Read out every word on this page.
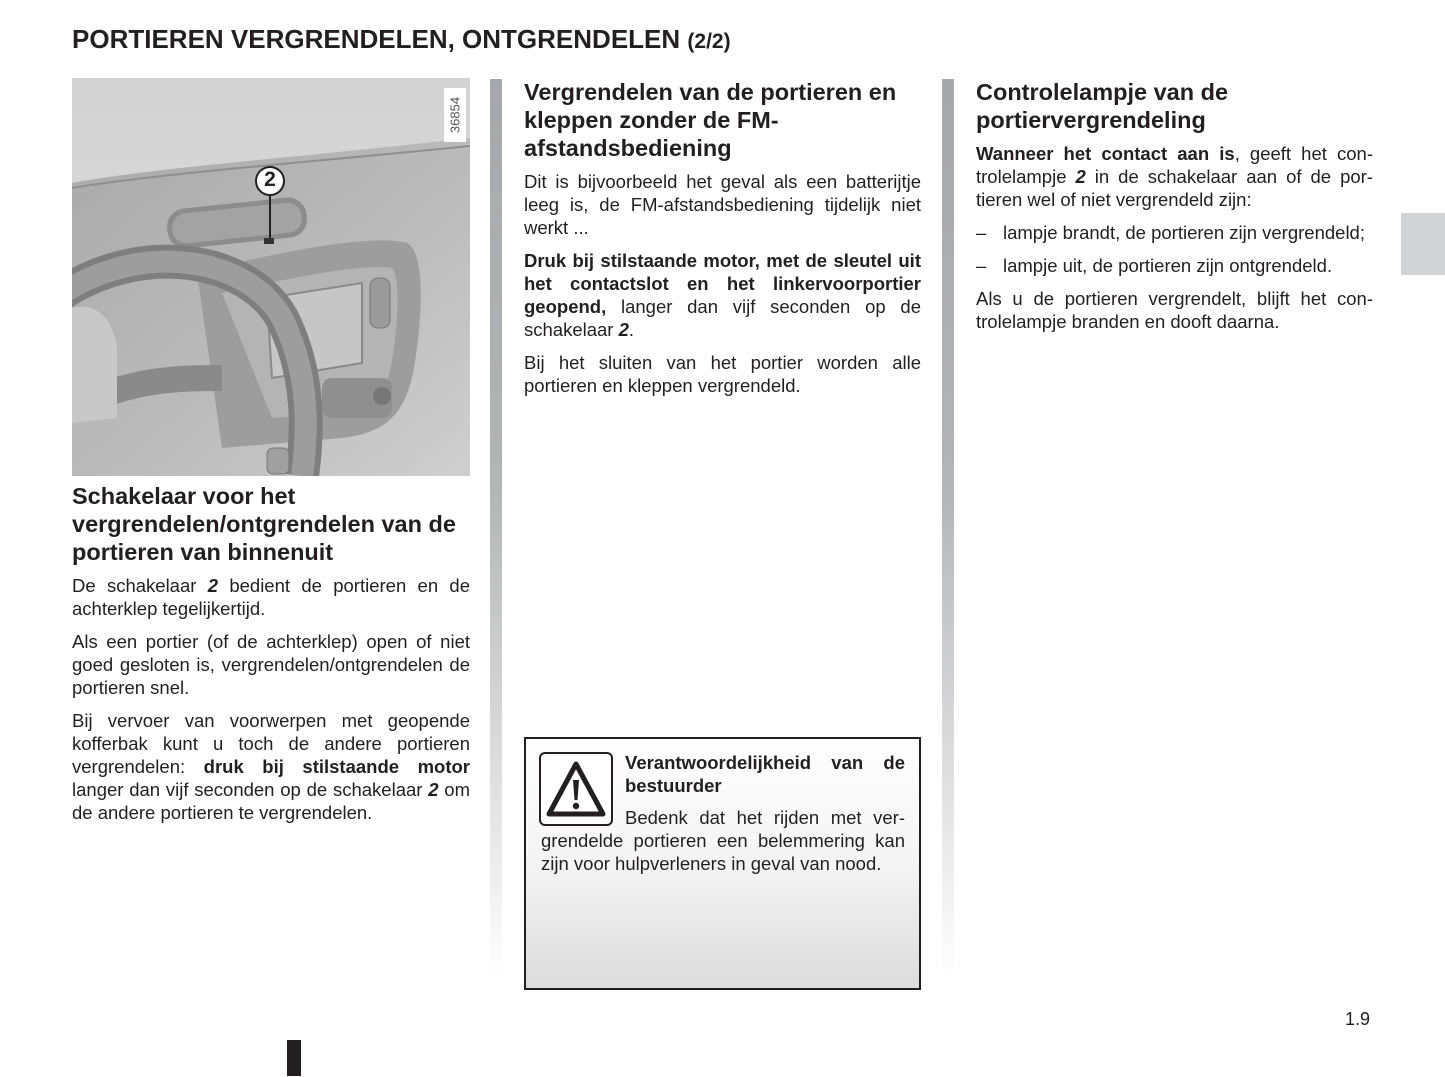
PORTIEREN VERGRENDELEN, ONTGRENDELEN (2/2)
2
36854
Schakelaar voor het vergrendelen/ontgrendelen van de portieren van binnenuit

De schakelaar 2 bedient de portieren en de achterklep tegelijkertijd.

Als een portier (of de achterklep) open of niet goed gesloten is, vergrendelen/ontgrendelen de portieren snel.

Bij vervoer van voorwerpen met geopende kofferbak kunt u toch de andere portieren vergrendelen: druk bij stilstaande motor langer dan vijf seconden op de schakelaar 2 om de andere portieren te vergrendelen.

Vergrendelen van de portieren en kleppen zonder de FM-afstandsbediening

Dit is bijvoorbeeld het geval als een batterijtje leeg is, de FM-afstandsbediening tijdelijk niet werkt ...

Druk bij stilstaande motor, met de sleutel uit het contactslot en het linkervoorportier geopend, langer dan vijf seconden op de schakelaar 2.

Bij het sluiten van het portier worden alle portieren en kleppen vergrendeld.

Verantwoordelijkheid van de bestuurder
Bedenk dat het rijden met vergrendelde portieren een belemmering kan zijn voor hulpverleners in geval van nood.
Controlelampje van de portiervergrendeling

Wanneer het contact aan is, geeft het controlelampje 2 in de schakelaar aan of de portieren wel of niet vergrendeld zijn:

– lampje brandt, de portieren zijn vergrendeld;
– lampje uit, de portieren zijn ontgrendeld.

Als u de portieren vergrendelt, blijft het controlelampje branden en dooft daarna.

1.9
